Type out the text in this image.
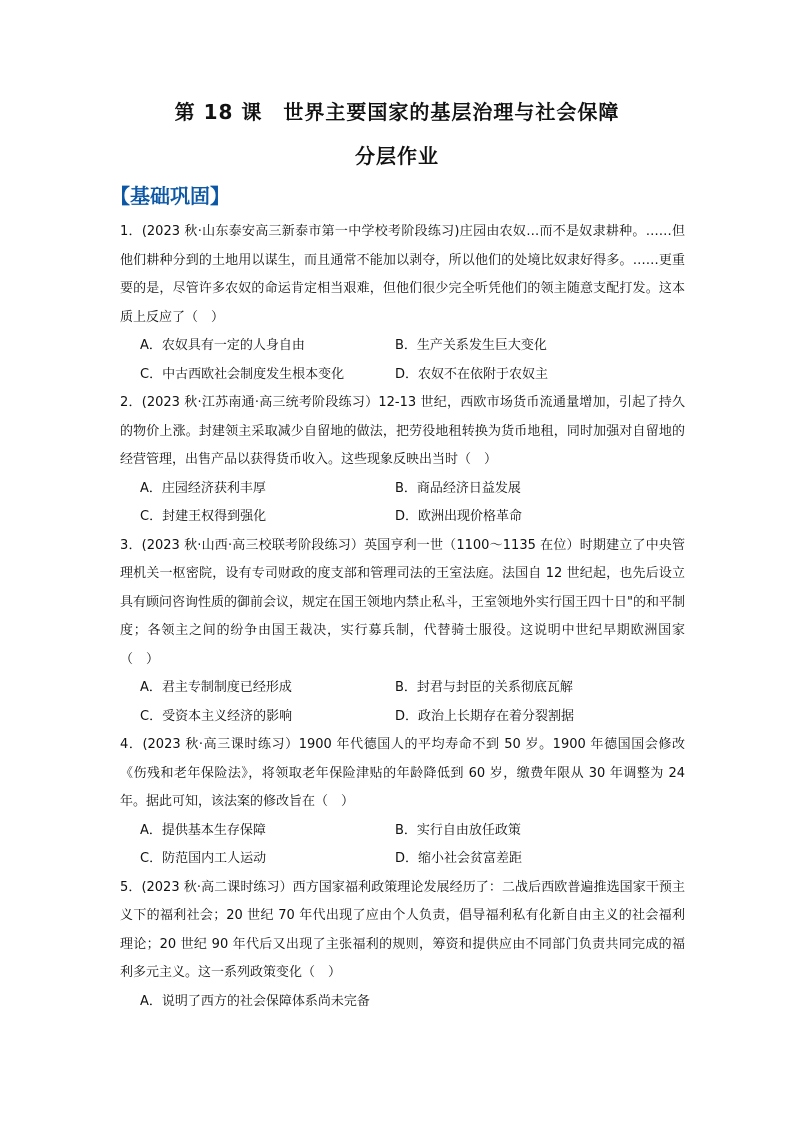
第 18 课　世界主要国家的基层治理与社会保障
分层作业
【基础巩固】
1．(2023 秋·山东泰安高三新泰市第一中学校考阶段练习)庄园由农奴…而不是奴隶耕种。……但他们耕种分到的土地用以谋生，而且通常不能加以剥夺，所以他们的处境比奴隶好得多。……更重要的是，尽管许多农奴的命运肯定相当艰难，但他们很少完全听凭他们的领主随意支配打发。这本质上反应了（　）
A．农奴具有一定的人身自由	B．生产关系发生巨大变化
C．中古西欧社会制度发生根本变化	D．农奴不在依附于农奴主
2．(2023 秋·江苏南通·高三统考阶段练习）12-13 世纪，西欧市场货币流通量增加，引起了持久的物价上涨。封建领主采取减少自留地的做法，把劳役地租转换为货币地租，同时加强对自留地的经营管理，出售产品以获得货币收入。这些现象反映出当时（　）
A．庄园经济获利丰厚	B．商品经济日益发展
C．封建王权得到强化	D．欧洲出现价格革命
3．(2023 秋·山西·高三校联考阶段练习）英国亨利一世（1100～1135 在位）时期建立了中央管理机关一枢密院，设有专司财政的度支部和管理司法的王室法庭。法国自 12 世纪起，也先后设立具有顾问咨询性质的御前会议，规定在国王领地内禁止私斗，王室领地外实行国王四十日"的和平制度；各领主之间的纷争由国王裁决，实行募兵制，代替骑士服役。这说明中世纪早期欧洲国家（　）
A．君主专制制度已经形成	B．封君与封臣的关系彻底瓦解
C．受资本主义经济的影响	D．政治上长期存在着分裂割据
4．(2023 秋·高三课时练习）1900 年代德国人的平均寿命不到 50 岁。1900 年德国国会修改《伤残和老年保险法》，将领取老年保险津贴的年龄降低到 60 岁，缴费年限从 30 年调整为 24 年。据此可知，该法案的修改旨在（　）
A．提供基本生存保障	B．实行自由放任政策
C．防范国内工人运动	D．缩小社会贫富差距
5．(2023 秋·高二课时练习）西方国家福利政策理论发展经历了：二战后西欧普遍推选国家干预主义下的福利社会；20 世纪 70 年代出现了应由个人负责，倡导福利私有化新自由主义的社会福利理论；20 世纪 90 年代后又出现了主张福利的规则，筹资和提供应由不同部门负责共同完成的福利多元主义。这一系列政策变化（　）
A．说明了西方的社会保障体系尚未完备
